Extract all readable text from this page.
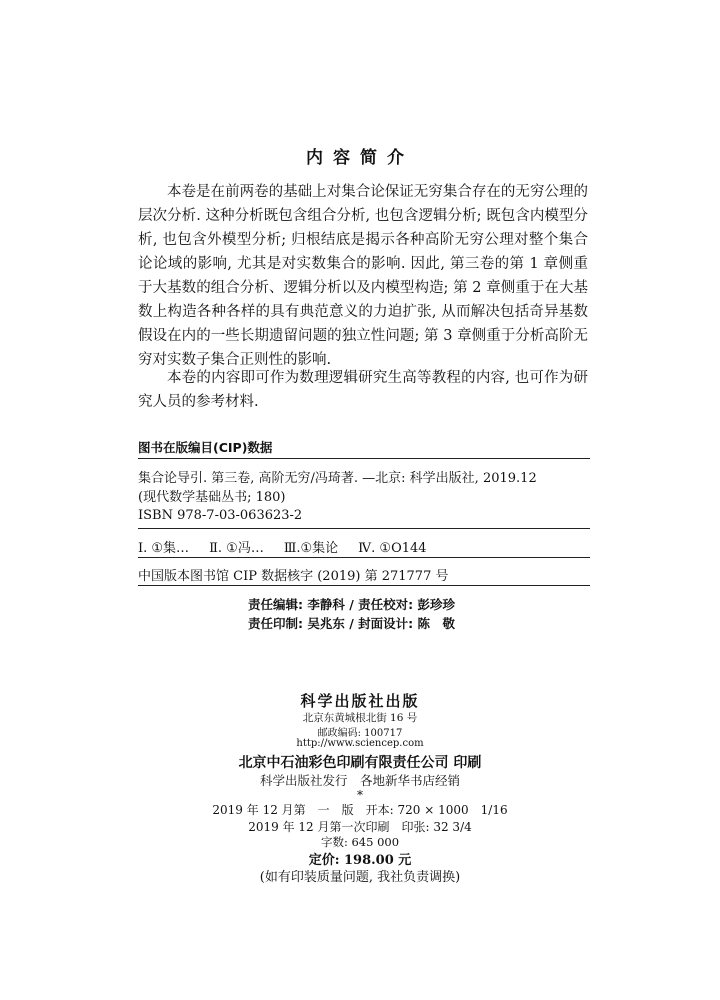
内容简介

本卷是在前两卷的基础上对集合论保证无穷集合存在的无穷公理的层次分析. 这种分析既包含组合分析, 也包含逻辑分析; 既包含内模型分析, 也包含外模型分析; 归根结底是揭示各种高阶无穷公理对整个集合论论域的影响, 尤其是对实数集合的影响. 因此, 第三卷的第 1 章侧重于大基数的组合分析、逻辑分析以及内模型构造; 第 2 章侧重于在大基数上构造各种各样的具有典范意义的力迫扩张, 从而解决包括奇异基数假设在内的一些长期遗留问题的独立性问题; 第 3 章侧重于分析高阶无穷对实数子集合正则性的影响.

本卷的内容即可作为数理逻辑研究生高等教程的内容, 也可作为研究人员的参考材料.

图书在版编目(CIP)数据
集合论导引. 第三卷, 高阶无穷/冯琦著. —北京: 科学出版社, 2019.12
(现代数学基础丛书; 180)
ISBN 978-7-03-063623-2
Ⅰ. ①集… Ⅱ. ①冯… Ⅲ.①集论 Ⅳ. ①O144
中国版本图书馆 CIP 数据核字 (2019) 第 271777 号
责任编辑: 李静科 / 责任校对: 彭珍珍
责任印制: 吴兆东 / 封面设计: 陈　敬
科学出版社出版
北京东黄城根北街 16 号
邮政编码: 100717
http://www.sciencep.com
北京中石油彩色印刷有限责任公司 印刷
科学出版社发行　各地新华书店经销
*
2019 年 12 月第　一　版　开本: 720 × 1000　1/16
2019 年 12 月第一次印刷　印张: 32 3/4
字数: 645 000
定价: 198.00 元
(如有印装质量问题, 我社负责调换)
